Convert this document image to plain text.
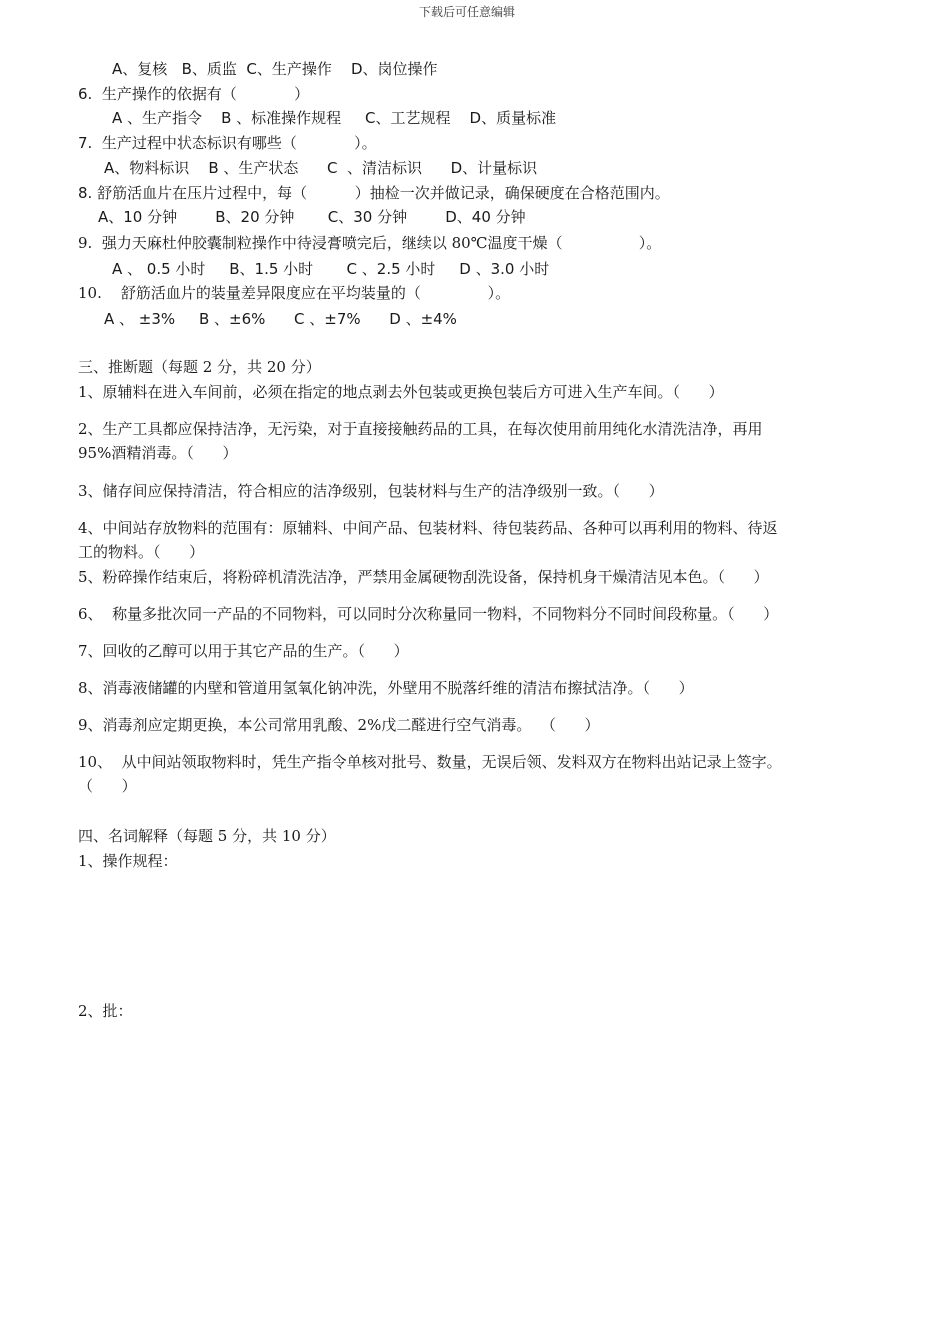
下载后可任意编辑
A、复核   B、质监  C、生产操作    D、岗位操作
6.  生产操作的依据有（            ）
A 、生产指令    B 、标准操作规程     C、工艺规程    D、质量标准
7.  生产过程中状态标识有哪些（            ）。
A、物料标识    B 、生产状态      C  、清洁标识      D、计量标识
8. 舒筋活血片在压片过程中，每（          ）抽检一次并做记录，确保硬度在合格范围内。
A、10 分钟        B、20 分钟       C、30 分钟        D、40 分钟
9.  强力天麻杜仲胶囊制粒操作中待浸膏喷完后，继续以 80℃温度干燥（                ）。
A 、 0.5 小时     B、1.5 小时       C 、2.5 小时     D 、3.0 小时
10.    舒筋活血片的装量差异限度应在平均装量的（              ）。
A 、 ±3%     B 、±6%      C 、±7%      D 、±4%
三、推断题（每题 2 分，共 20 分）
1、原辅料在进入车间前，必须在指定的地点剥去外包装或更换包装后方可进入生产车间。（      ）
2、生产工具都应保持洁净，无污染，对于直接接触药品的工具，在每次使用前用纯化水清洗洁净，再用
95%酒精消毒。（      ）
3、储存间应保持清洁，符合相应的洁净级别，包装材料与生产的洁净级别一致。（      ）
4、中间站存放物料的范围有：原辅料、中间产品、包装材料、待包装药品、各种可以再利用的物料、待返
工的物料。（      ）
5、粉碎操作结束后，将粉碎机清洗洁净，严禁用金属硬物刮洗设备，保持机身干燥清洁见本色。（      ）
6、  称量多批次同一产品的不同物料，可以同时分次称量同一物料，不同物料分不同时间段称量。（      ）
7、回收的乙醇可以用于其它产品的生产。（      ）
8、消毒液储罐的内壁和管道用氢氧化钠冲洗，外壁用不脱落纤维的清洁布擦拭洁净。（      ）
9、消毒剂应定期更换，本公司常用乳酸、2%戊二醛进行空气消毒。  （      ）
10、  从中间站领取物料时，凭生产指令单核对批号、数量，无误后领、发料双方在物料出站记录上签字。
（      ）
四、名词解释（每题 5 分，共 10 分）
1、操作规程：
2、批：
